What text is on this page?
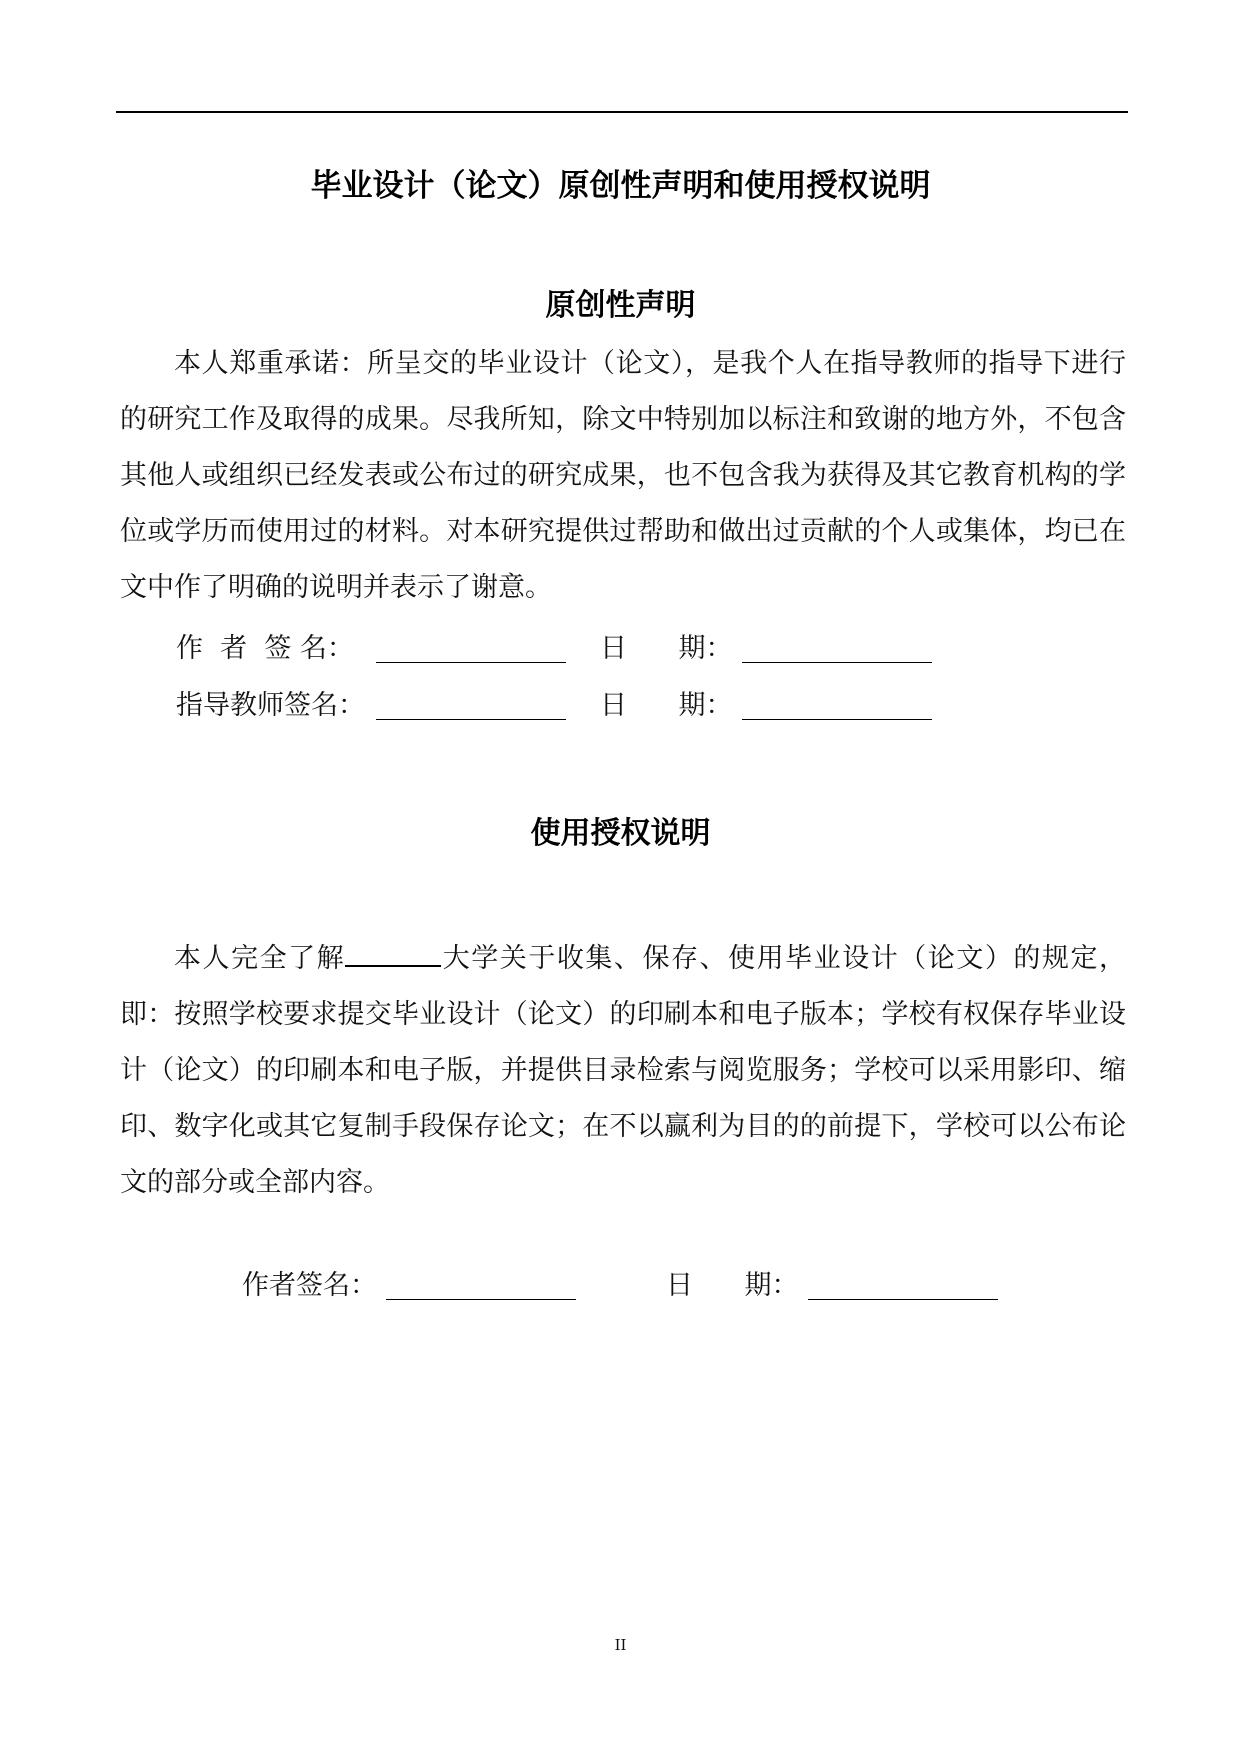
毕业设计（论文）原创性声明和使用授权说明
原创性声明

本人郑重承诺：所呈交的毕业设计（论文），是我个人在指导教师的指导下进行的研究工作及取得的成果。尽我所知，除文中特别加以标注和致谢的地方外，不包含其他人或组织已经发表或公布过的研究成果，也不包含我为获得及其它教育机构的学位或学历而使用过的材料。对本研究提供过帮助和做出过贡献的个人或集体，均已在文中作了明确的说明并表示了谢意。

作  者  签 名：	日      期：
指导教师签名：	日      期：
使用授权说明

本人完全了解	大学关于收集、保存、使用毕业设计（论文）的规定，即：按照学校要求提交毕业设计（论文）的印刷本和电子版本；学校有权保存毕业设计（论文）的印刷本和电子版，并提供目录检索与阅览服务；学校可以采用影印、缩印、数字化或其它复制手段保存论文；在不以赢利为目的的前提下，学校可以公布论文的部分或全部内容。

作者签名：	日      期：
II
